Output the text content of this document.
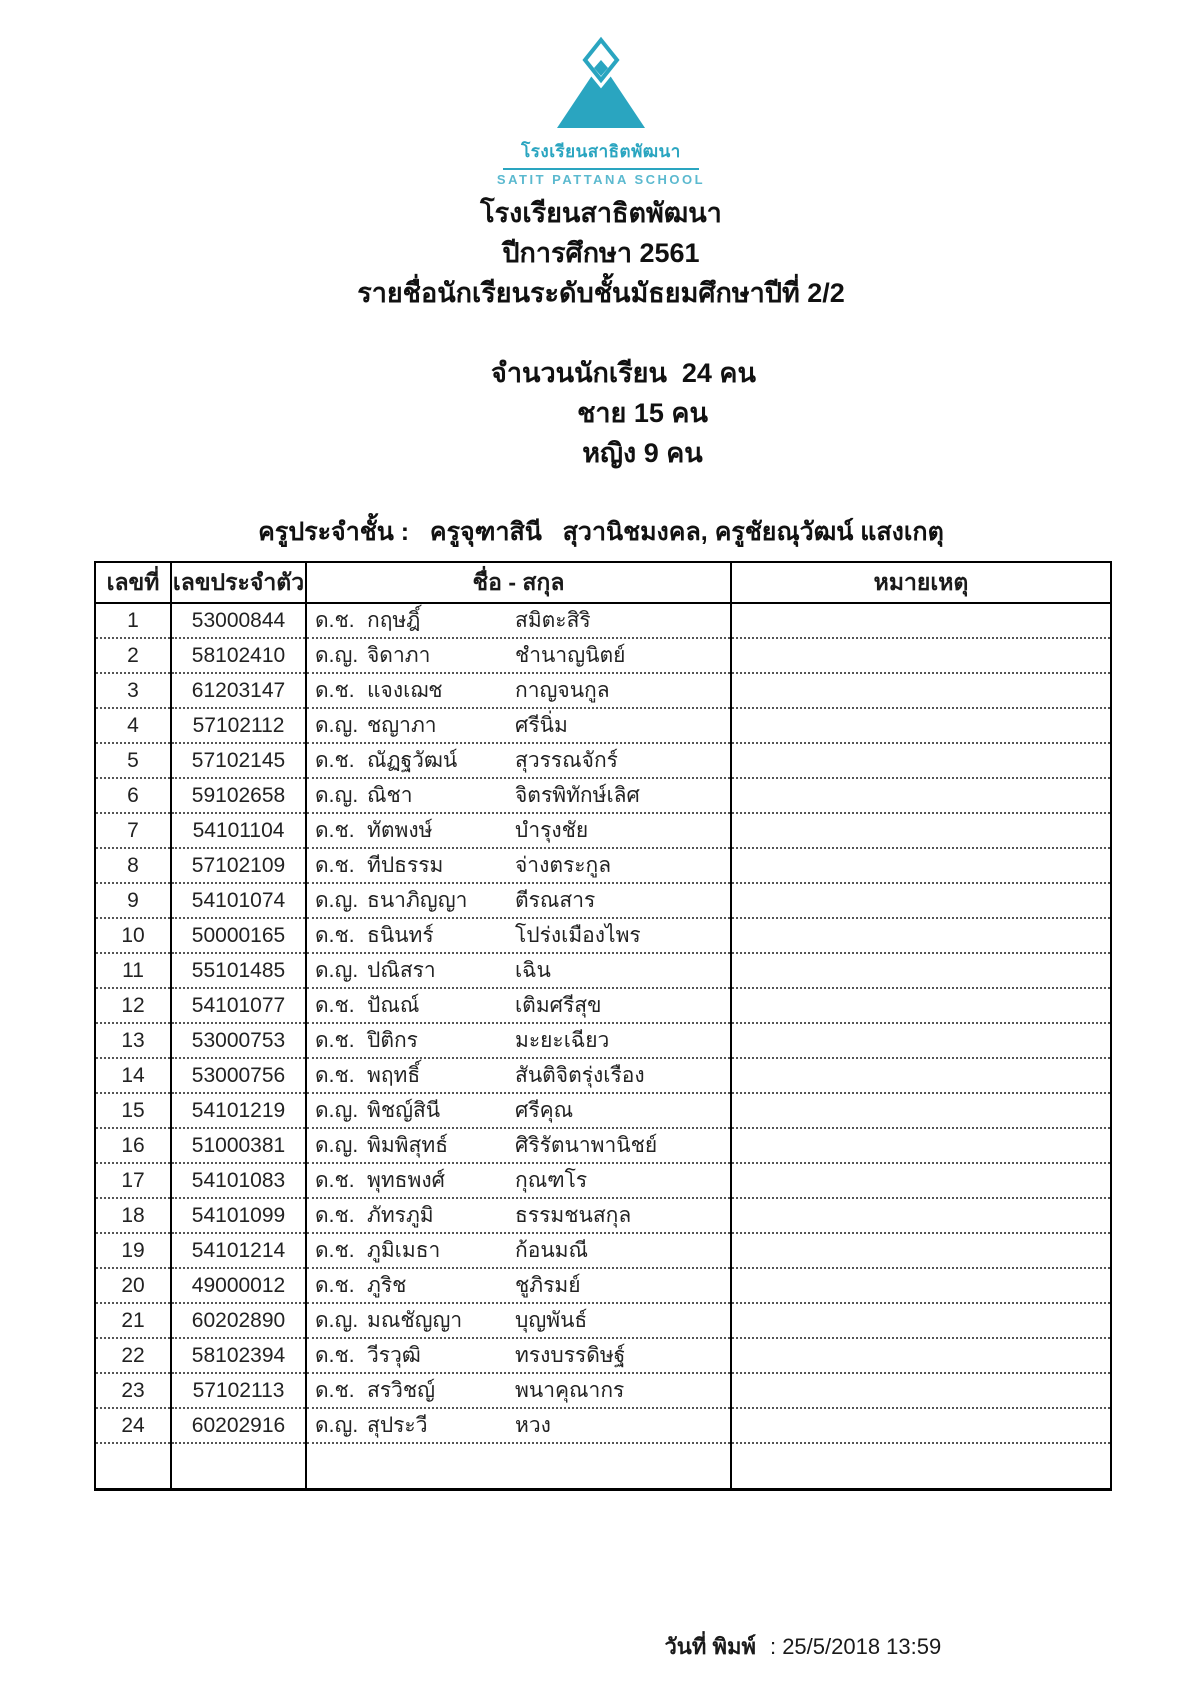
โรงเรียนสาธิตพัฒนา
SATIT PATTANA SCHOOL
โรงเรียนสาธิตพัฒนา
ปีการศึกษา 2561
รายชื่อนักเรียนระดับชั้นมัธยมศึกษาปีที่ 2/2

จำนวนนักเรียน  24 คน
ชาย 15 คน
หญิง 9 คน

ครูประจำชั้น :   ครูจุฑาสินี   สุวานิชมงคล, ครูชัยณุวัฒน์ แสงเกตุ
เลขที่	เลขประจำตัว	ชื่อ - สกุล	หมายเหตุ
1	53000844	ด.ช. กฤษฎิ์ สมิตะสิริ	
2	58102410	ด.ญ. จิดาภา ชำนาญนิตย์	
3	61203147	ด.ช. แจงเฌช กาญจนกูล	
4	57102112	ด.ญ. ชญาภา ศรีนิ่ม	
5	57102145	ด.ช. ณัฏฐวัฒน์ สุวรรณจักร์	
6	59102658	ด.ญ. ณิชา จิตรพิทักษ์เลิศ	
7	54101104	ด.ช. ทัตพงษ์ บำรุงชัย	
8	57102109	ด.ช. ทีปธรรม จ่างตระกูล	
9	54101074	ด.ญ. ธนาภิญญา ตีรณสาร	
10	50000165	ด.ช. ธนินทร์ โปร่งเมืองไพร	
11	55101485	ด.ญ. ปณิสรา เฉิน	
12	54101077	ด.ช. ปัณณ์ เติมศรีสุข	
13	53000753	ด.ช. ปิติกร มะยะเฉียว	
14	53000756	ด.ช. พฤทธิ์ สันติจิตรุ่งเรือง	
15	54101219	ด.ญ. พิชญ์สินี ศรีคุณ	
16	51000381	ด.ญ. พิมพิสุทธ์ ศิริรัตนาพานิชย์	
17	54101083	ด.ช. พุทธพงศ์ กุณฑโร	
18	54101099	ด.ช. ภัทรภูมิ ธรรมชนสกุล	
19	54101214	ด.ช. ภูมิเมธา ก้อนมณี	
20	49000012	ด.ช. ภูริช ชูภิรมย์	
21	60202890	ด.ญ. มณชัญญา บุญพันธ์	
22	58102394	ด.ช. วีรวุฒิ ทรงบรรดิษฐ์	
23	57102113	ด.ช. สรวิชญ์ พนาคุณากร	
24	60202916	ด.ญ. สุประวี หวง	

วันที่ พิมพ์ : 25/5/2018 13:59
